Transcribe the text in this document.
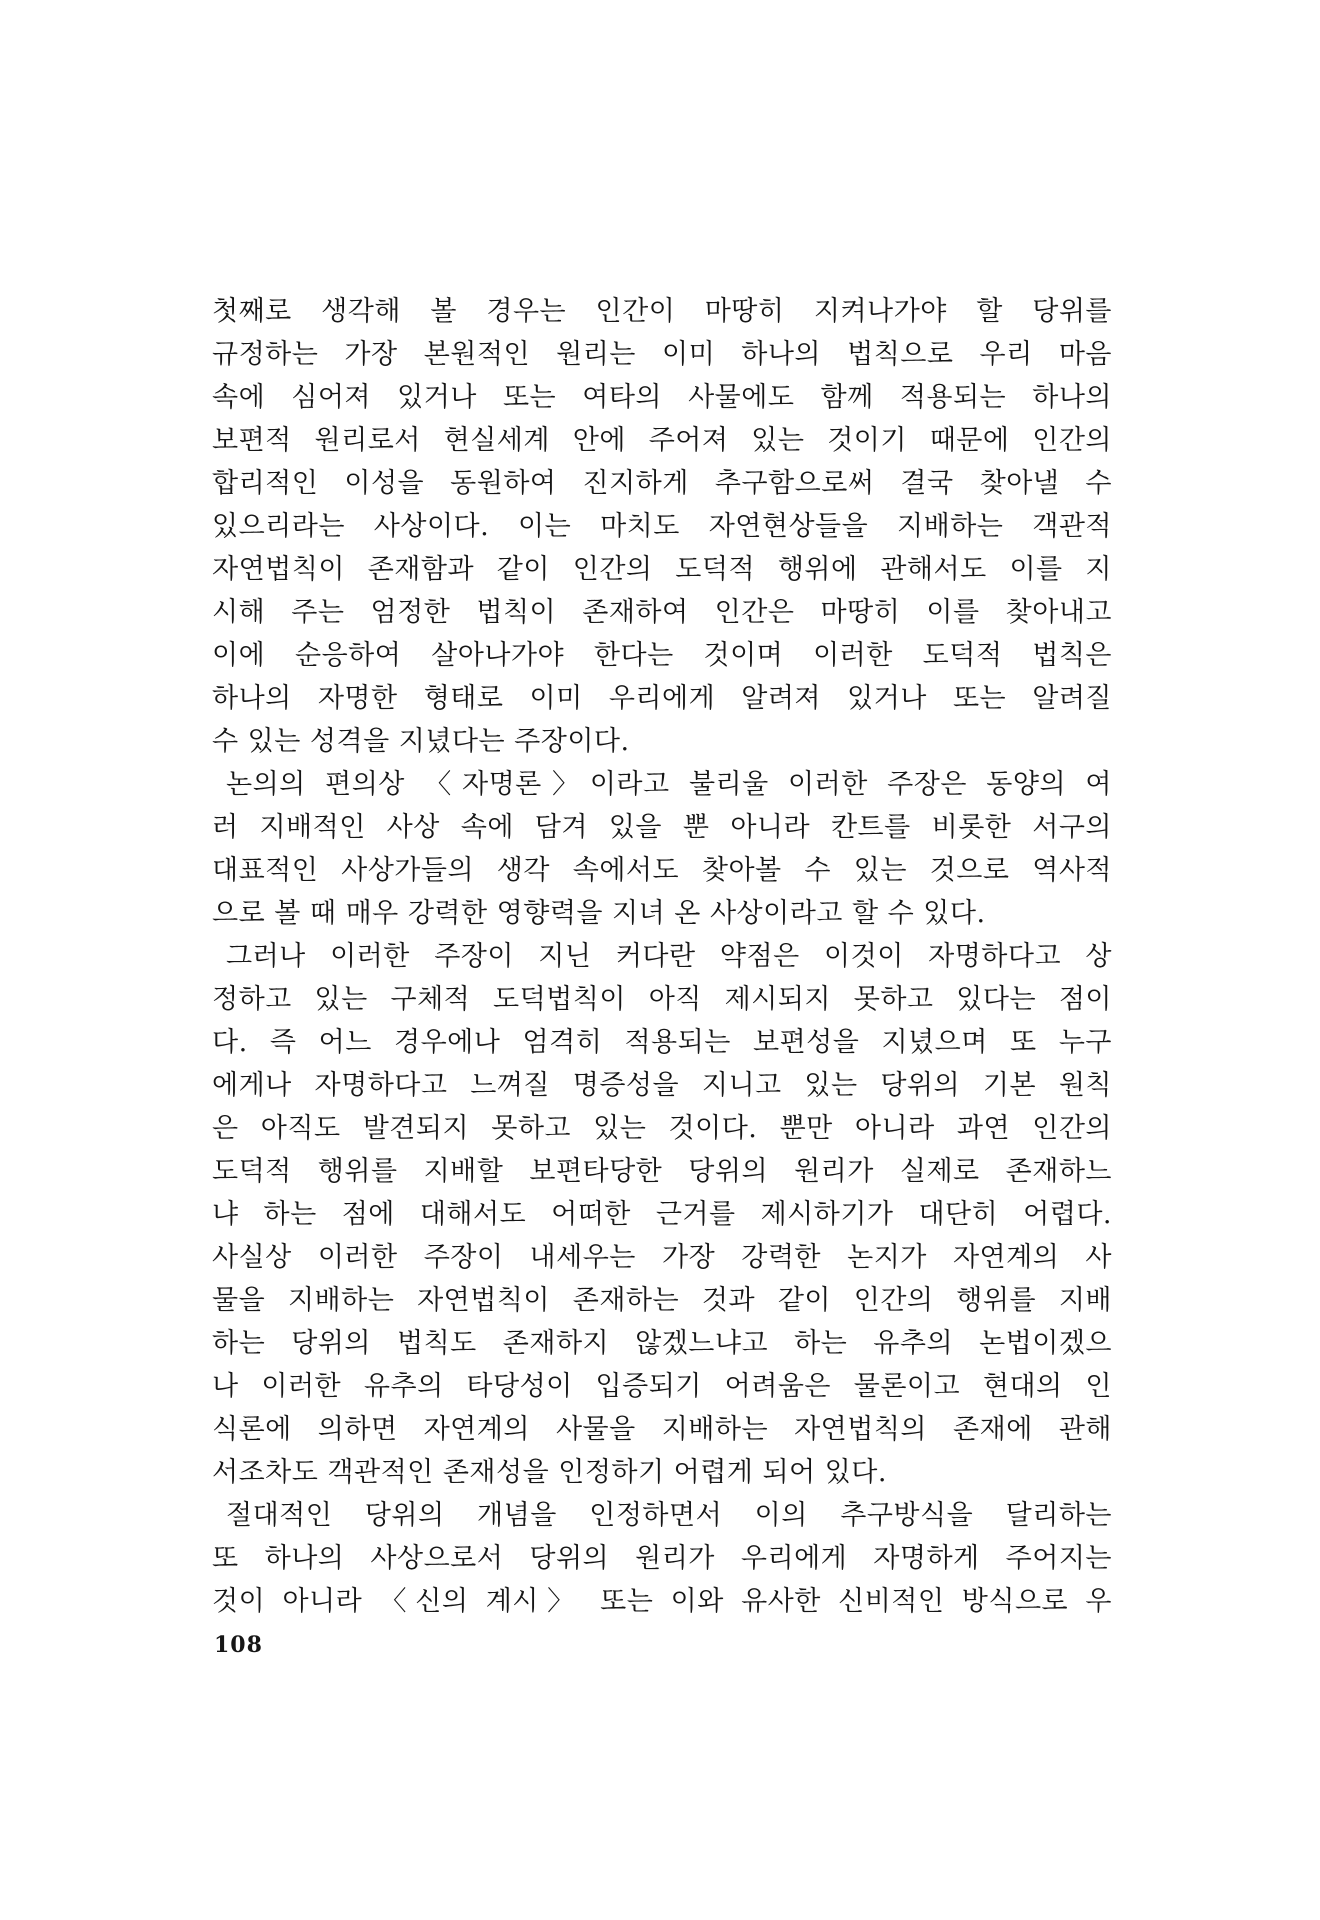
첫째로 생각해 볼 경우는 인간이 마땅히 지켜나가야 할 당위를
규정하는 가장 본원적인 원리는 이미 하나의 법칙으로 우리 마음
속에 심어져 있거나 또는 여타의 사물에도 함께 적용되는 하나의
보편적 원리로서 현실세계 안에 주어져 있는 것이기 때문에 인간의
합리적인 이성을 동원하여 진지하게 추구함으로써 결국 찾아낼 수
있으리라는 사상이다. 이는 마치도 자연현상들을 지배하는 객관적
자연법칙이 존재함과 같이 인간의 도덕적 행위에 관해서도 이를 지
시해 주는 엄정한 법칙이 존재하여 인간은 마땅히 이를 찾아내고
이에 순응하여 살아나가야 한다는 것이며 이러한 도덕적 법칙은
하나의 자명한 형태로 이미 우리에게 알려져 있거나 또는 알려질
수 있는 성격을 지녔다는 주장이다.
논의의 편의상 〈자명론〉이라고 불리울 이러한 주장은 동양의 여
러 지배적인 사상 속에 담겨 있을 뿐 아니라 칸트를 비롯한 서구의
대표적인 사상가들의 생각 속에서도 찾아볼 수 있는 것으로 역사적
으로 볼 때 매우 강력한 영향력을 지녀 온 사상이라고 할 수 있다.
그러나 이러한 주장이 지닌 커다란 약점은 이것이 자명하다고 상
정하고 있는 구체적 도덕법칙이 아직 제시되지 못하고 있다는 점이
다. 즉 어느 경우에나 엄격히 적용되는 보편성을 지녔으며 또 누구
에게나 자명하다고 느껴질 명증성을 지니고 있는 당위의 기본 원칙
은 아직도 발견되지 못하고 있는 것이다. 뿐만 아니라 과연 인간의
도덕적 행위를 지배할 보편타당한 당위의 원리가 실제로 존재하느
냐 하는 점에 대해서도 어떠한 근거를 제시하기가 대단히 어렵다.
사실상 이러한 주장이 내세우는 가장 강력한 논지가 자연계의 사
물을 지배하는 자연법칙이 존재하는 것과 같이 인간의 행위를 지배
하는 당위의 법칙도 존재하지 않겠느냐고 하는 유추의 논법이겠으
나 이러한 유추의 타당성이 입증되기 어려움은 물론이고 현대의 인
식론에 의하면 자연계의 사물을 지배하는 자연법칙의 존재에 관해
서조차도 객관적인 존재성을 인정하기 어렵게 되어 있다.
절대적인 당위의 개념을 인정하면서 이의 추구방식을 달리하는
또 하나의 사상으로서 당위의 원리가 우리에게 자명하게 주어지는
것이 아니라 〈신의 계시〉 또는 이와 유사한 신비적인 방식으로 우
108
